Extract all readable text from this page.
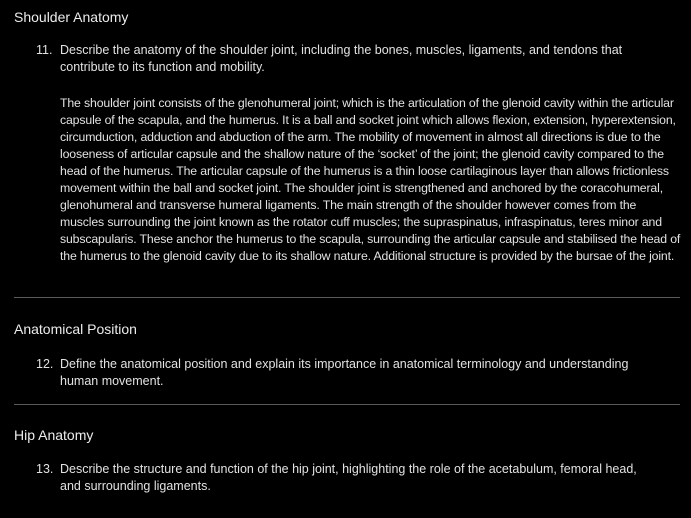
Shoulder Anatomy
11. Describe the anatomy of the shoulder joint, including the bones, muscles, ligaments, and tendons that contribute to its function and mobility.

The shoulder joint consists of the glenohumeral joint; which is the articulation of the glenoid cavity within the articular capsule of the scapula, and the humerus. It is a ball and socket joint which allows flexion, extension, hyperextension, circumduction, adduction and abduction of the arm. The mobility of movement in almost all directions is due to the looseness of articular capsule and the shallow nature of the ‘socket’ of the joint; the glenoid cavity compared to the head of the humerus. The articular capsule of the humerus is a thin loose cartilaginous layer than allows frictionless movement within the ball and socket joint. The shoulder joint is strengthened and anchored by the coracohumeral, glenohumeral and transverse humeral ligaments. The main strength of the shoulder however comes from the muscles surrounding the joint known as the rotator cuff muscles; the supraspinatus, infraspinatus, teres minor and subscapularis. These anchor the humerus to the scapula, surrounding the articular capsule and stabilised the head of the humerus to the glenoid cavity due to its shallow nature. Additional structure is provided by the bursae of the joint.

Anatomical Position
12. Define the anatomical position and explain its importance in anatomical terminology and understanding human movement.

Hip Anatomy
13. Describe the structure and function of the hip joint, highlighting the role of the acetabulum, femoral head, and surrounding ligaments.
